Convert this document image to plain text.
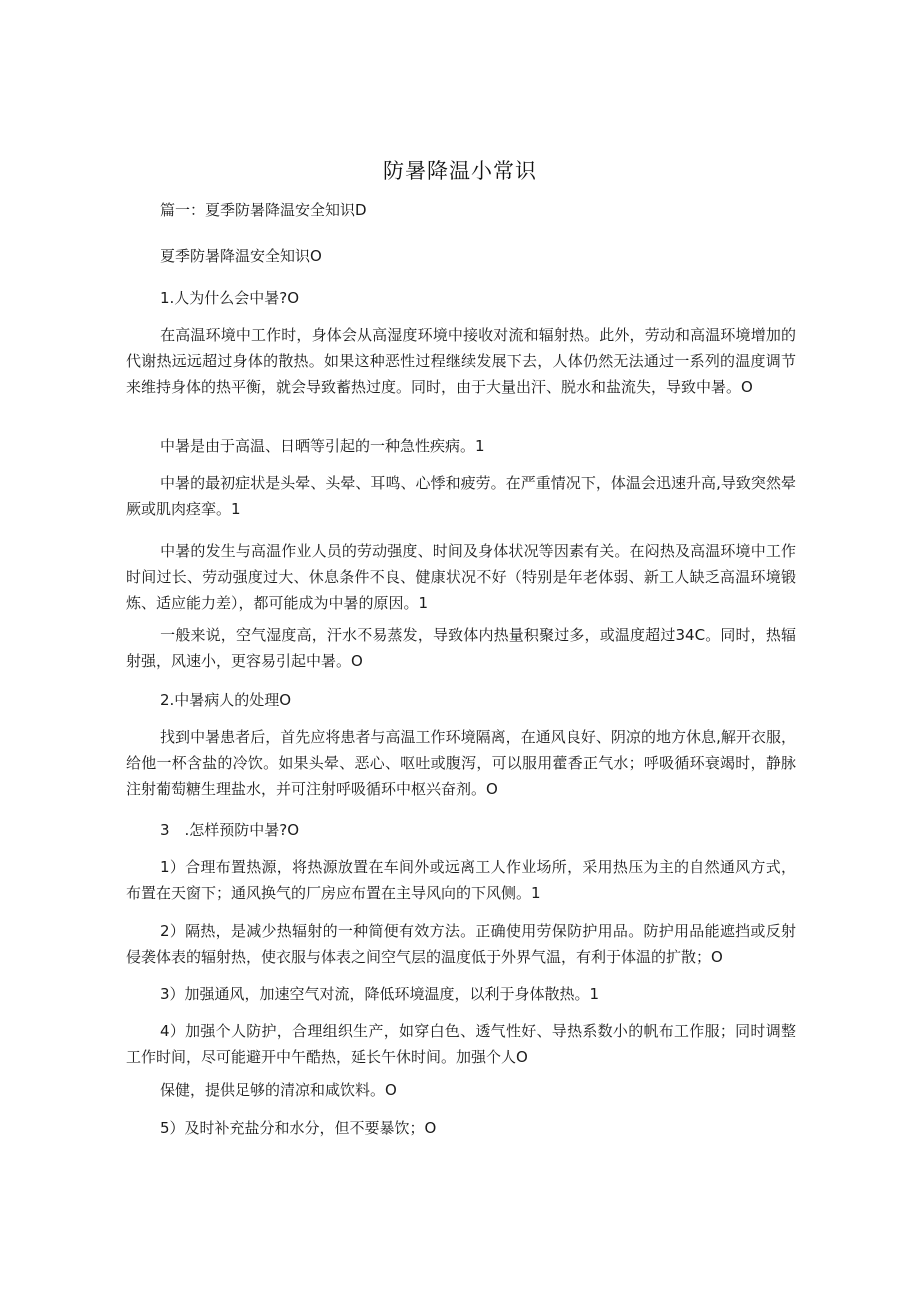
防暑降温小常识
篇一：夏季防暑降温安全知识D
夏季防暑降温安全知识O
1.人为什么会中暑?O
在高温环境中工作时，身体会从高湿度环境中接收对流和辐射热。此外，劳动和高温环境增加的代谢热远远超过身体的散热。如果这种恶性过程继续发展下去，人体仍然无法通过一系列的温度调节来维持身体的热平衡，就会导致蓄热过度。同时，由于大量出汗、脱水和盐流失，导致中暑。O
中暑是由于高温、日晒等引起的一种急性疾病。1
中暑的最初症状是头晕、头晕、耳鸣、心悸和疲劳。在严重情况下，体温会迅速升高,导致突然晕厥或肌肉痉挛。1
中暑的发生与高温作业人员的劳动强度、时间及身体状况等因素有关。在闷热及高温环境中工作时间过长、劳动强度过大、休息条件不良、健康状况不好（特别是年老体弱、新工人缺乏高温环境锻炼、适应能力差），都可能成为中暑的原因。1
一般来说，空气湿度高，汗水不易蒸发，导致体内热量积聚过多，或温度超过34C。同时，热辐射强，风速小，更容易引起中暑。O
2.中暑病人的处理O
找到中暑患者后，首先应将患者与高温工作环境隔离，在通风良好、阴凉的地方休息,解开衣服，给他一杯含盐的冷饮。如果头晕、恶心、呕吐或腹泻，可以服用藿香正气水；呼吸循环衰竭时，静脉注射葡萄糖生理盐水，并可注射呼吸循环中枢兴奋剂。O
3　.怎样预防中暑?O
1）合理布置热源，将热源放置在车间外或远离工人作业场所，采用热压为主的自然通风方式，布置在天窗下；通风换气的厂房应布置在主导风向的下风侧。1
2）隔热，是减少热辐射的一种简便有效方法。正确使用劳保防护用品。防护用品能遮挡或反射侵袭体表的辐射热，使衣服与体表之间空气层的温度低于外界气温，有利于体温的扩散；O
3）加强通风，加速空气对流，降低环境温度，以利于身体散热。1
4）加强个人防护，合理组织生产，如穿白色、透气性好、导热系数小的帆布工作服；同时调整工作时间，尽可能避开中午酷热，延长午休时间。加强个人O
保健，提供足够的清凉和咸饮料。O
5）及时补充盐分和水分，但不要暴饮；O
